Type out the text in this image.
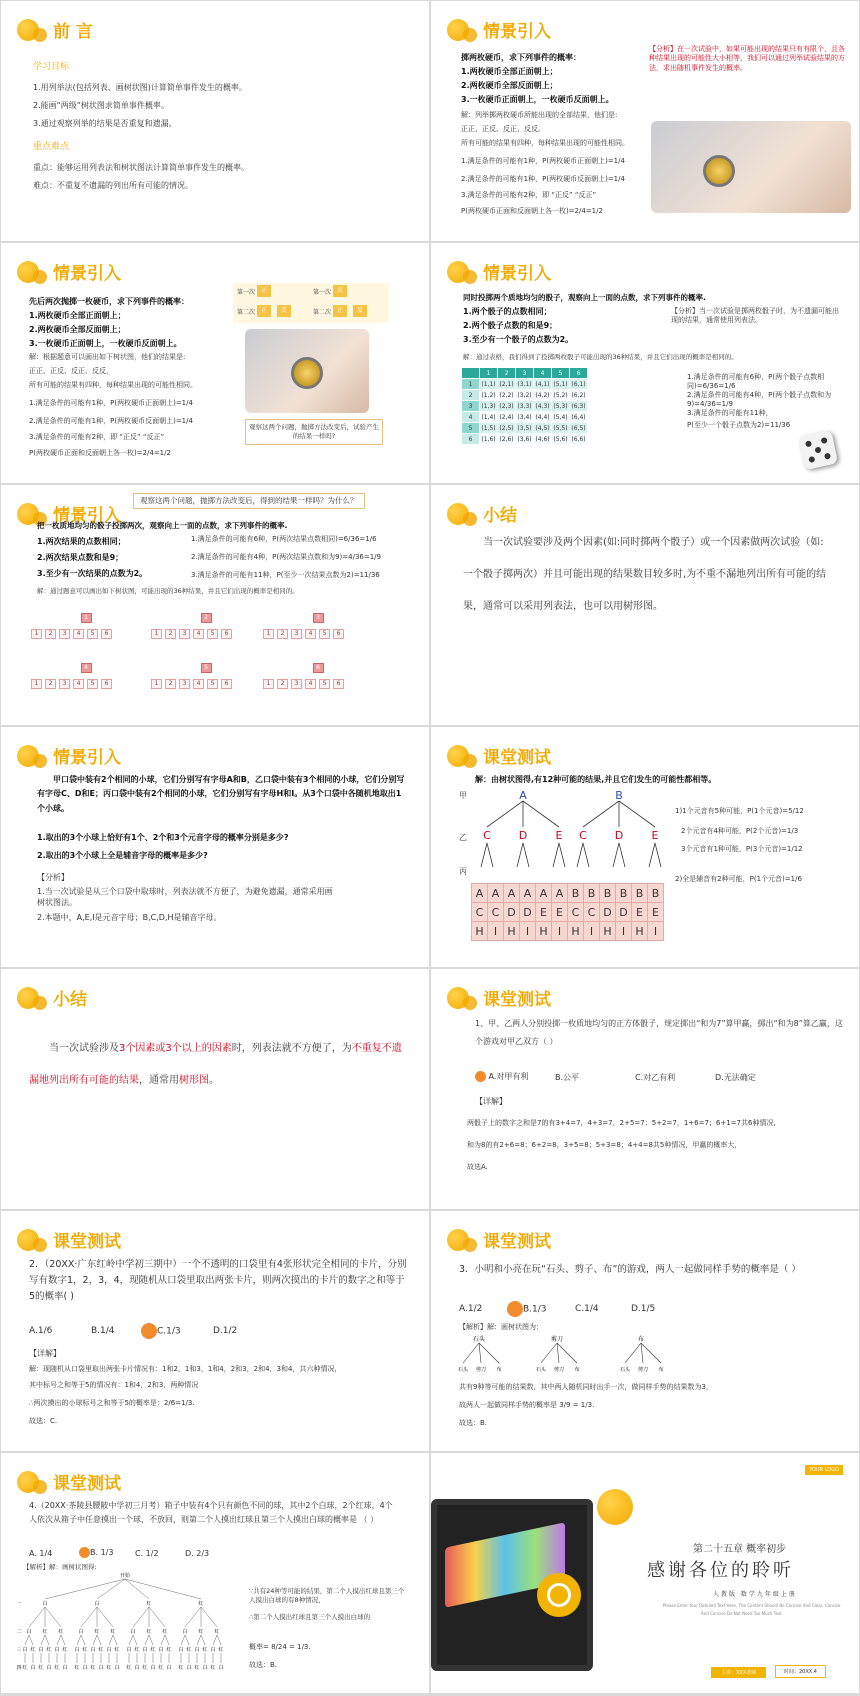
前 言
学习目标
1.用列举法(包括列表、画树状图)计算简单事件发生的概率。
2.能画“两级”树状图求简单事件概率。
3.通过观察列举的结果是否重复和遗漏。
重点难点
重点：能够运用列表法和树状图法计算简单事件发生的概率。
难点：不重复不遗漏的列出所有可能的情况。
情景引入
掷两枚硬币，求下列事件的概率：
1.两枚硬币全部正面朝上；
2.两枚硬币全部反面朝上；
3.一枚硬币正面朝上，一枚硬币反面朝上。
解：列举掷两枚硬币所能出现的全部结果，他们是:
正正、正反、反正、反反。
所有可能的结果有四种，每种结果出现的可能性相同。
1.满足条件的可能有1种，P(两枚硬币正面朝上)=1/4
2.满足条件的可能有1种，P(两枚硬币反面朝上)=1/4
3.满足条件的可能有2种，即 “正反” “反正”
P(两枚硬币正面和反面朝上各一枚)=2/4=1/2
【分析】在一次试验中，如果可能出现的结果只有有限个，且各种结果出现的可能性大小相等，我们可以通过列举试验结果的方法，求出随机事件发生的概率。
情景引入
先后两次抛掷一枚硬币，求下列事件的概率：
1.两枚硬币全部正面朝上；
2.两枚硬币全部反面朝上；
3.一枚硬币正面朝上，一枚硬币反面朝上。
解：根据题意可以画出如下树状图，他们的结果是:
正正、正反、反正、反反，
所有可能的结果有四种，每种结果出现的可能性相同。
1.满足条件的可能有1种，P(两枚硬币正面朝上)=1/4
2.满足条件的可能有1种，P(两枚硬币反面朝上)=1/4
3.满足条件的可能有2种，即 “正反” “反正”
P(两枚硬币正面和反面朝上各一枚)=2/4=1/2
第一次 正
第二次 正	反
第一次 反
第二次 正	反
观察这两个问题，抛掷方法改变后，试验产生的结果一样吗?
情景引入
同时投掷两个质地均匀的骰子，观察向上一面的点数，求下列事件的概率.
1.两个骰子的点数相同；
2.两个骰子点数的和是9；
3.至少有一个骰子的点数为2。
【分析】当一次试验是掷两枚骰子时，为不遗漏可能出现的结果，通常使用列表法。
解：通过表格，我们得到了投掷两枚骰子可能出现的36种结果，并且它们出现的概率是相同的。
	1	2	3	4	5	6
1	(1,1)	(2,1)	(3,1)	(4,1)	(5,1)	(6,1)
2	(1,2)	(2,2)	(3,2)	(4,2)	(5,2)	(6,2)
3	(1,3)	(2,3)	(3,3)	(4,3)	(5,3)	(6,3)
4	(1,4)	(2,4)	(3,4)	(4,4)	(5,4)	(6,4)
5	(1,5)	(2,5)	(3,5)	(4,5)	(5,5)	(6,5)
6	(1,6)	(2,6)	(3,6)	(4,6)	(5,6)	(6,6)
1.满足条件的可能有6种，P(两个骰子点数相同)=6/36=1/6
2.满足条件的可能有4种，P(两个骰子点数和为9)=4/36=1/9
3.满足条件的可能有11种，
P(至少一个骰子点数为2)=11/36
情景引入
观察这两个问题，抛掷方法改变后，得到的结果一样吗？为什么？
把一枚质地均匀的骰子投掷两次，观察向上一面的点数，求下列事件的概率.
1.两次结果的点数相同；
2.两次结果点数和是9；
3.至少有一次结果的点数为2。
1.满足条件的可能有6种，P(两次结果点数相同)=6/36=1/6
2.满足条件的可能有4种，P(两次结果点数和为9)=4/36=1/9
3.满足条件的可能有11种，P(至少一次结果点数为2)=11/36
解：通过题意可以画出如下树状图，可能出现的36种结果，并且它们出现的概率是相同的。
1
1 2 3 4 5 6
2
1 2 3 4 5 6
3
1 2 3 4 5 6
4
1 2 3 4 5 6
5
1 2 3 4 5 6
6
1 2 3 4 5 6
小结
当一次试验要涉及两个因素(如:同时掷两个骰子）或一个因素做两次试验（如:一个骰子掷两次）并且可能出现的结果数目较多时,为不重不漏地列出所有可能的结果，通常可以采用列表法，也可以用树形图。
情景引入
甲口袋中装有2个相同的小球，它们分别写有字母A和B，乙口袋中装有3个相同的小球，它们分别写有字母C、D和E；丙口袋中装有2个相同的小球，它们分别写有字母H和I。从3个口袋中各随机地取出1个小球。
1.取出的3个小球上恰好有1个、2个和3个元音字母的概率分别是多少?
2.取出的3个小球上全是辅音字母的概率是多少?
【分析】
1.当一次试验是从三个口袋中取球时，列表法就不方便了，为避免遗漏，通常采用画树状图法。
2.本题中，A,E,I是元音字母；B,C,D,H是辅音字母。
课堂测试
解：由树状图得,有12种可能的结果,并且它们发生的可能性都相等。
甲
乙
丙
A	B
C	D	E C	D	E
A	A	A	A	A	A	B	B	B	B	B	B
C	C	D	D	E	E	C	C	D	D	E	E
H	I	H	I	H	I	H	I	H	I	H	I
1)1个元音有5种可能，P(1个元音)=5/12
2个元音有4种可能，P(2个元音)=1/3
3个元音有1种可能，P(3个元音)=1/12
2)全是辅音有2种可能，P(1个元音)=1/6
小结
当一次试验涉及3个因素或3个以上的因素时，列表法就不方便了，为不重复不遗漏地列出所有可能的结果，通常用树形图。
课堂测试
1、甲、乙两人分别投掷一枚质地均匀的正方体骰子，规定掷出“和为7”算甲赢，掷出“和为8”算乙赢，这个游戏对甲乙双方（ ）
A.对甲有利	B.公平	C.对乙有利	D.无法确定
【详解】
两骰子上的数字之和是7的有3+4=7，4+3=7，2+5=7；5+2=7，1+6=7；6+1=7共6种情况,
和为8的有2+6=8；6+2=8，3+5=8；5+3=8；4+4=8共5种情况，甲赢的概率大，
故选A.
课堂测试
2．（20XX·广东红岭中学初三期中）一个不透明的口袋里有4张形状完全相同的卡片，分别写有数字1，2，3，4，现随机从口袋里取出两张卡片，则两次摸出的卡片的数字之和等于5的概率( )
A.1/6	B.1/4	C.1/3	D.1/2
【详解】
解：现随机从口袋里取出两张卡片情况有：1和2，1和3，1和4，2和3，2和4，3和4，共六种情况，
其中标号之和等于5的情况有：1和4，2和3，两种情况
∴两次摸出的小球标号之和等于5的概率是：2/6=1/3.
故选：C.
课堂测试
3．小明和小亮在玩“石头、剪子、布”的游戏，两人一起做同样手势的概率是（ ）
A.1/2	B.1/3	C.1/4	D.1/5
【解析】解：画树状图为：
石头	剪刀	布
石头 剪刀 布	石头 剪刀 布	石头 剪刀 布
共有9种等可能的结果数，其中两人随机同时出手一次，做同样手势的结果数为3，
故两人一起做同样手势的概率是 3/9 = 1/3.
故选：B.
课堂测试
4.（20XX·茶陵县腰陂中学初三月考）箱子中装有4个只有颜色不同的球，其中2个白球，2个红球，4个人依次从箱子中任意摸出一个球，不放回，则第二个人摸出红球且第三个人摸出白球的概率是 （ ）
A. 1/4	B. 1/3	C. 1/2	D. 2/3
【解析】解：画树状图得:
开始
一
二
三
四
白
白
白
红
红
白
红
白
红
红
白
红
白
红
红
白
白
白
白
红
红
白
红
白
红
红
白
红
白
红
红
白
红
白
白
红
红
白
红
白
红
红
白
红
白
红
红
白
红
白
白
红
红
白
红
白
红
红
白
红
白
红
红
白
∵共有24种等可能的结果，第二个人摸出红球且第三个人摸出白球的有8种情况，
∴第二个人摸出红球且第三个人摸出白球的
概率= 8/24 = 1/3.
故选：B.
YOUR LOGO
第二十五章 概率初步
感谢各位的聆听
人教版 数学九年级上册
Please Enter Your Detailed Text Here, The Content Should Be Concise And Clear, Concise
And Concise Do Not Need Too Much Text
主讲：XXX老师	时间：20XX.4
